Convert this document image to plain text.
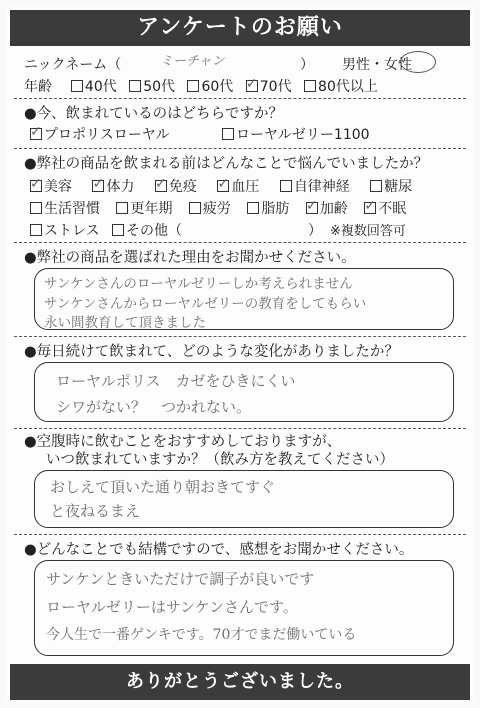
アンケートのお願い
ニックネーム（	ミーチャン	） 男性・女性
年齢 40代 50代 60代 ✓ 70代 80代以上
●今、飲まれているのはどちらですか？
✓プロポリスローヤル	ローヤルゼリー1100
●弊社の商品を飲まれる前はどんなことで悩んでいましたか？
✓美容 ✓ 体力 ✓ 免疫 ✓ 血圧 自律神経 糖尿
生活習慣 更年期 疲労 脂肪 ✓ 加齢 ✓ 不眠
ストレス その他（	） ※複数回答可
●弊社の商品を選ばれた理由をお聞かせください。
サンケンさんのローヤルゼリーしか考えられません
サンケンさんからローヤルゼリーの教育をしてもらい
永い間教育して頂きました
●毎日続けて飲まれて、どのような変化がありましたか？
ローヤルポリス　カゼをひきにくい
シワがない？　つかれない。
●空腹時に飲むことをおすすめしておりますが、
いつ飲まれていますか？（飲み方を教えてください）
おしえて頂いた通り朝おきてすぐ
と夜ねるまえ
●どんなことでも結構ですので、感想をお聞かせください。
サンケンときいただけで調子が良いです
ローヤルゼリーはサンケンさんです。
今人生で一番ゲンキです。70才でまだ働いている
ありがとうございました。
